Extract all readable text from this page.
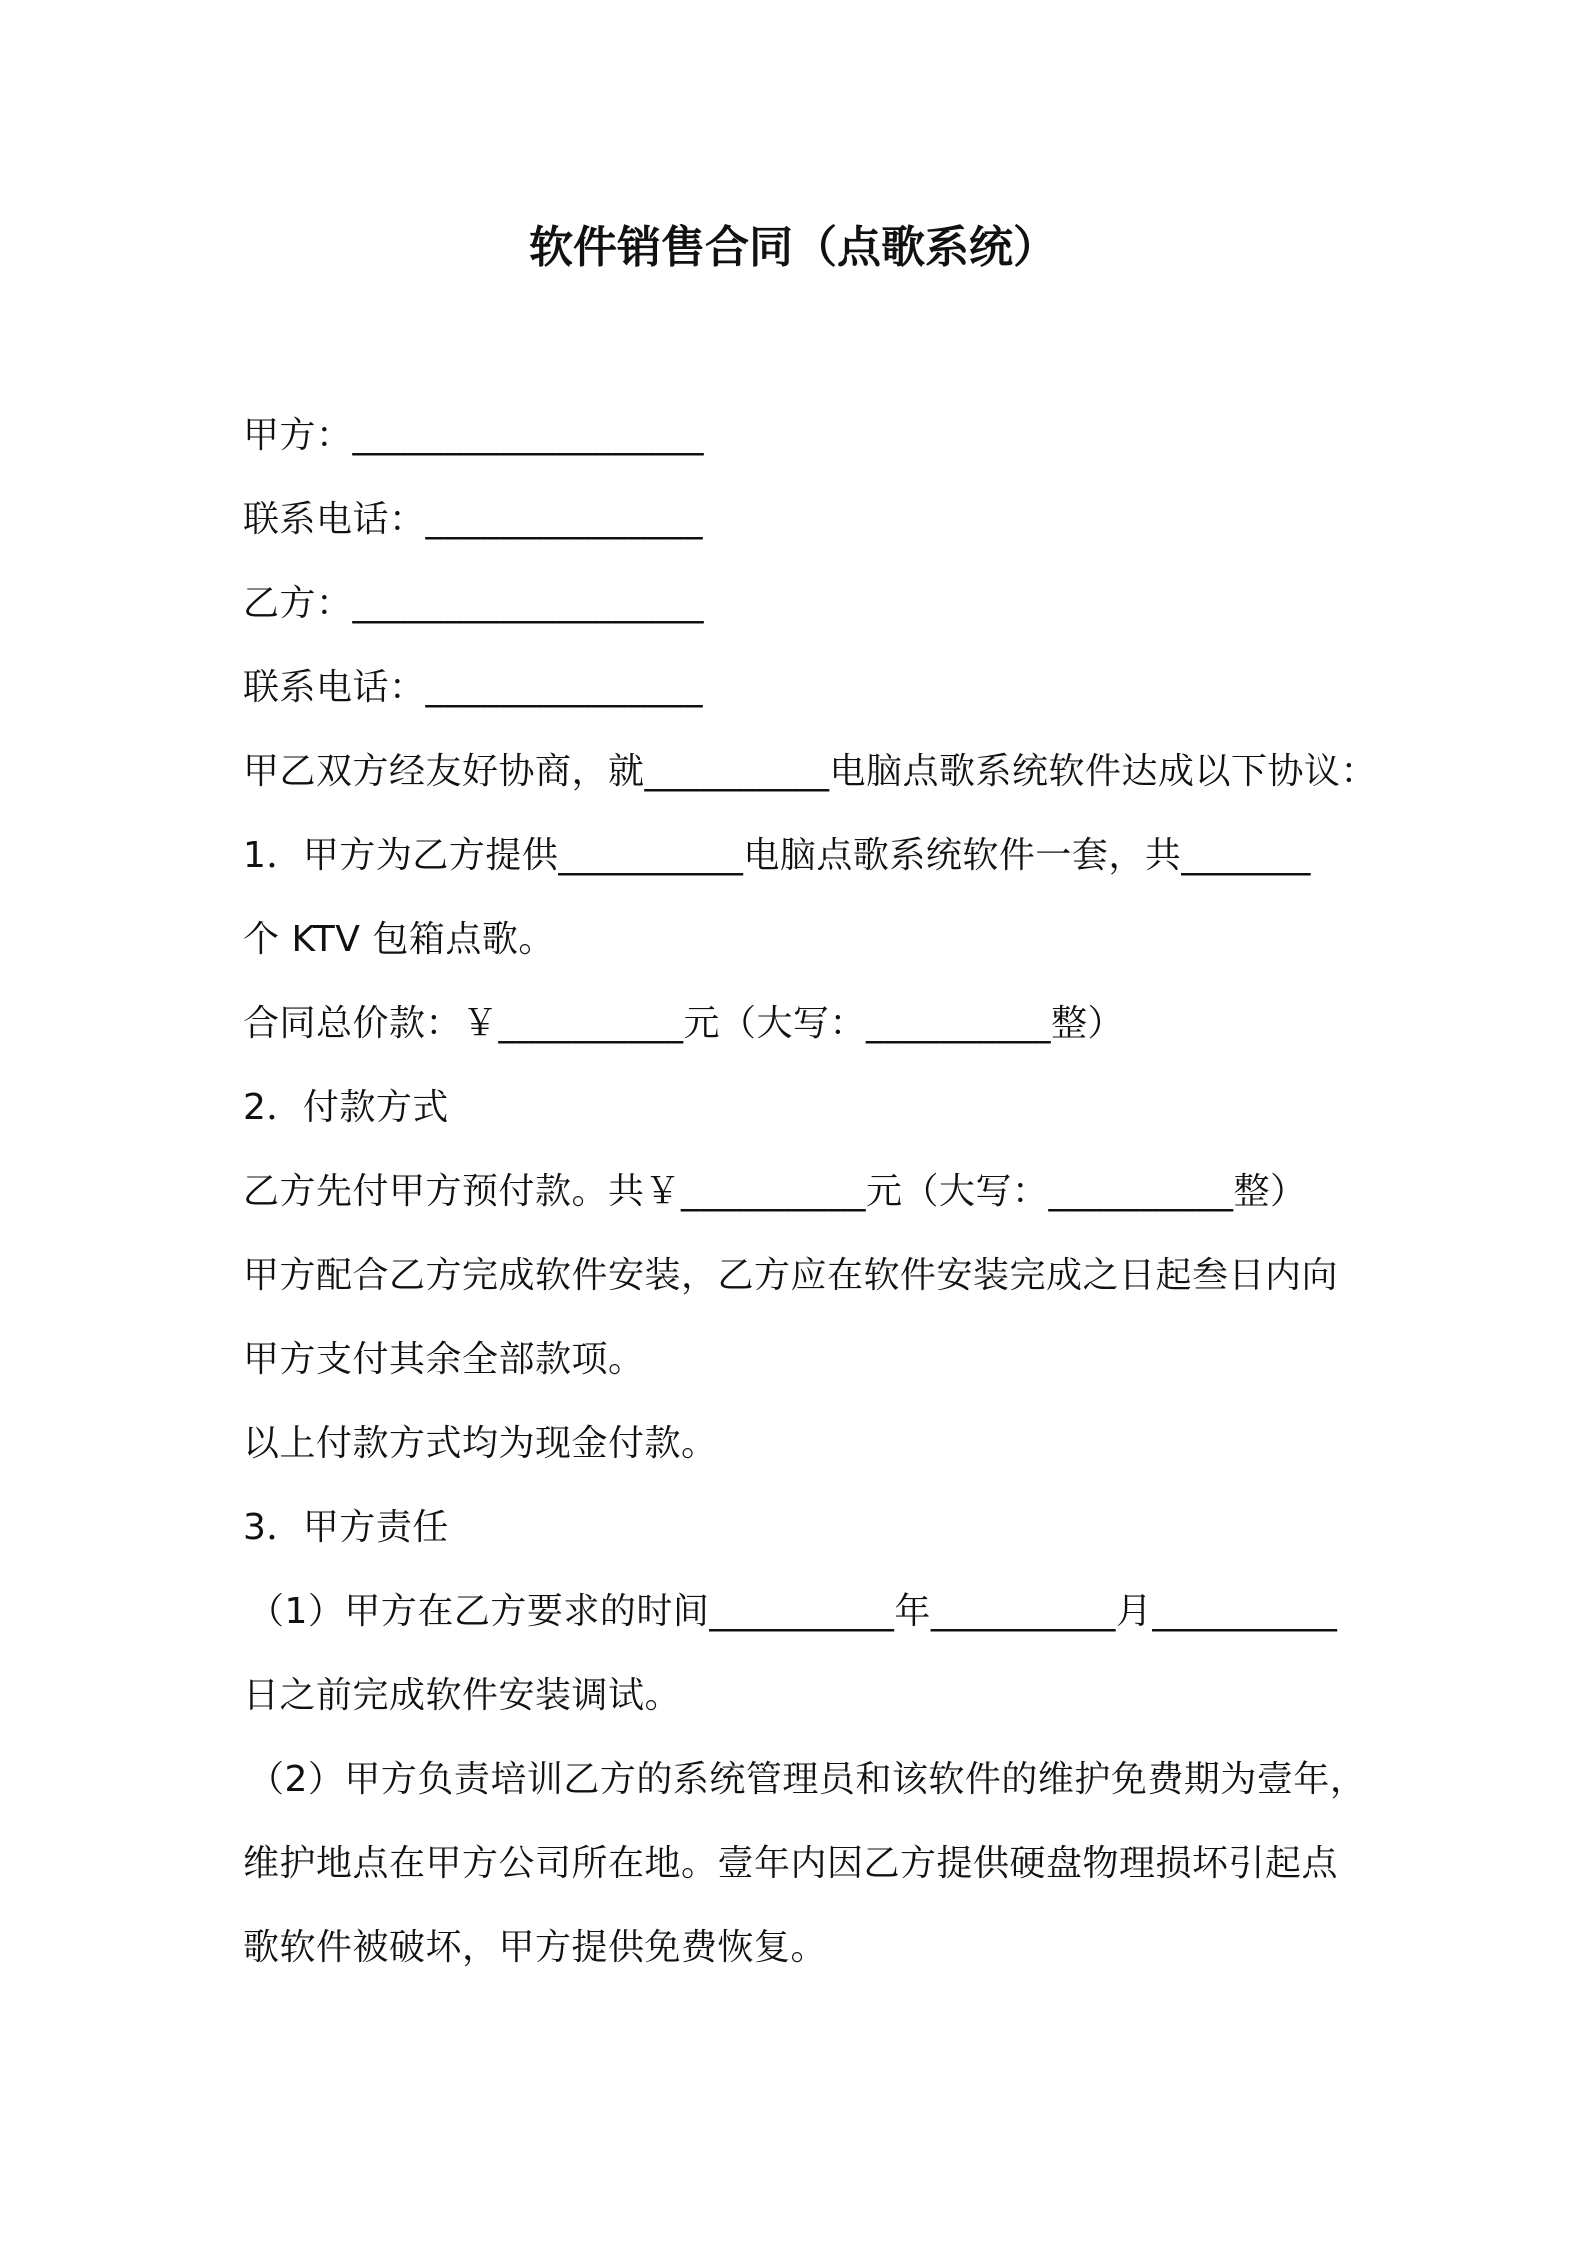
软件销售合同（点歌系统）
甲方：___________________
联系电话：_______________
乙方：___________________
联系电话：_______________
甲乙双方经友好协商，就__________电脑点歌系统软件达成以下协议：
1．甲方为乙方提供__________电脑点歌系统软件一套，共_______
个 KTV 包箱点歌。
合同总价款：￥__________元（大写：__________整）
2．付款方式
乙方先付甲方预付款。共￥__________元（大写：__________整）
甲方配合乙方完成软件安装，乙方应在软件安装完成之日起叁日内向
甲方支付其余全部款项。
以上付款方式均为现金付款。
3．甲方责任
（1）甲方在乙方要求的时间__________年__________月__________
日之前完成软件安装调试。
（2）甲方负责培训乙方的系统管理员和该软件的维护免费期为壹年，
维护地点在甲方公司所在地。壹年内因乙方提供硬盘物理损坏引起点
歌软件被破坏，甲方提供免费恢复。
